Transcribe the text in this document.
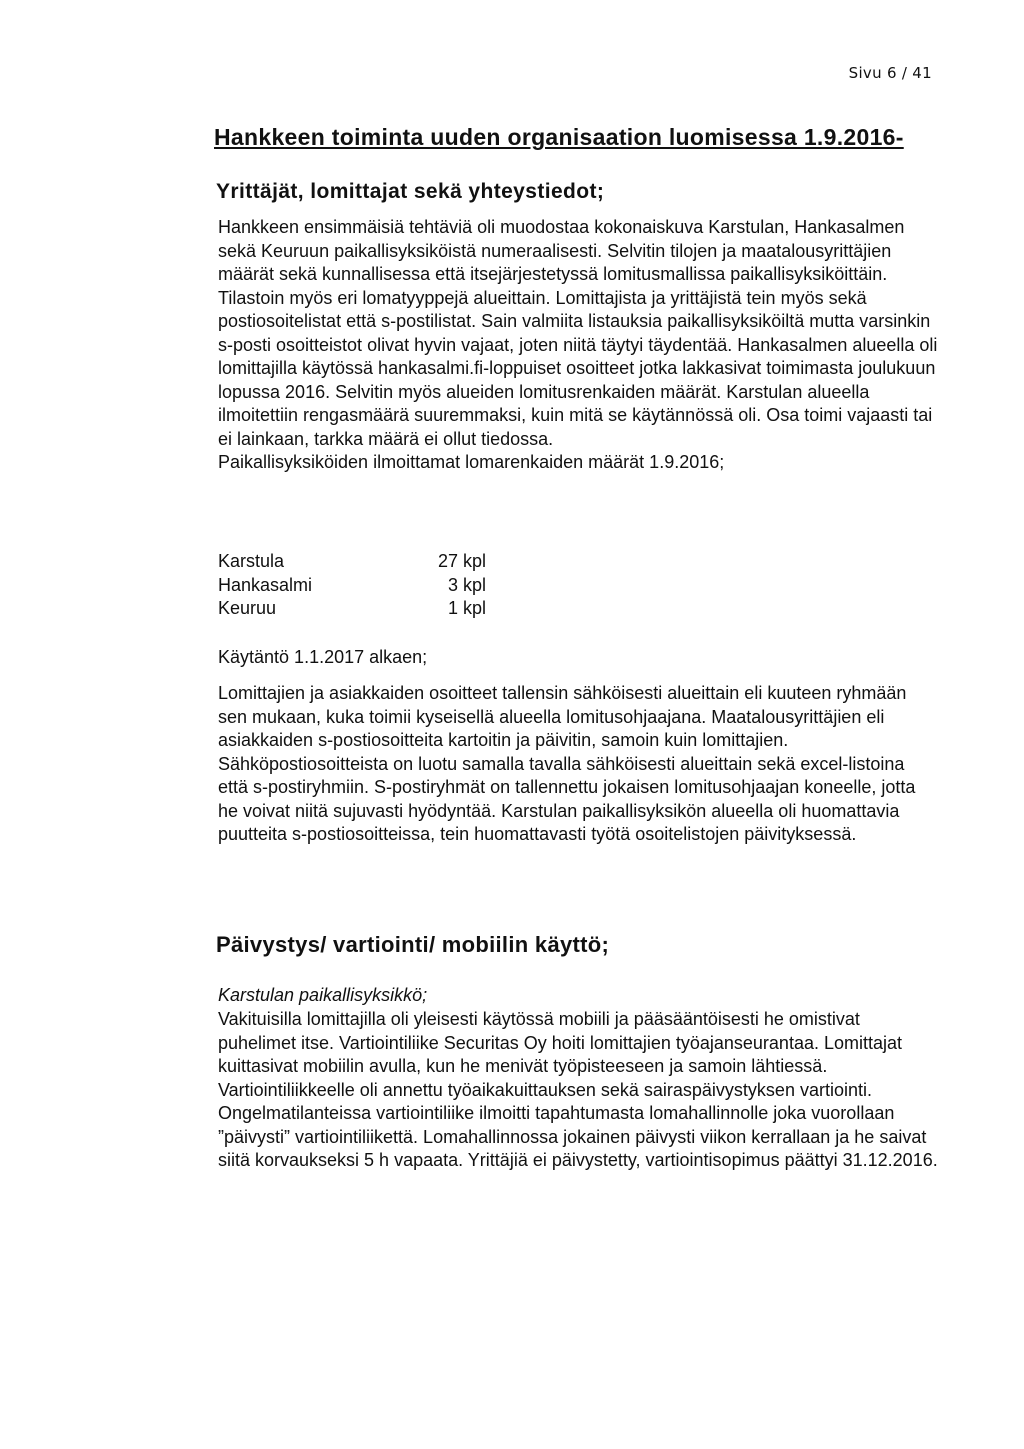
Sivu 6 / 41
Hankkeen toiminta uuden organisaation luomisessa 1.9.2016-
Yrittäjät, lomittajat sekä yhteystiedot;

Hankkeen ensimmäisiä tehtäviä oli muodostaa kokonaiskuva Karstulan, Hankasalmen sekä Keuruun paikallisyksiköistä numeraalisesti. Selvitin tilojen ja maatalousyrittäjien määrät sekä kunnallisessa että itsejärjestetyssä lomitusmallissa paikallisyksiköittäin. Tilastoin myös eri lomatyyppejä alueittain. Lomittajista ja yrittäjistä tein myös sekä postiosoitelistat että s-postilistat. Sain valmiita listauksia paikallisyksiköiltä mutta varsinkin s-posti osoitteistot olivat hyvin vajaat, joten niitä täytyi täydentää. Hankasalmen alueella oli lomittajilla käytössä hankasalmi.fi-loppuiset osoitteet jotka lakkasivat toimimasta joulukuun lopussa 2016. Selvitin myös alueiden lomitusrenkaiden määrät. Karstulan alueella ilmoitettiin rengasmäärä suuremmaksi, kuin mitä se käytännössä oli. Osa toimi vajaasti tai ei lainkaan, tarkka määrä ei ollut tiedossa.

Paikallisyksiköiden ilmoittamat lomarenkaiden määrät 1.9.2016;

Karstula	27 kpl
Hankasalmi	3 kpl
Keuruu	1 kpl
Käytäntö 1.1.2017 alkaen;

Lomittajien ja asiakkaiden osoitteet tallensin sähköisesti alueittain eli kuuteen ryhmään sen mukaan, kuka toimii kyseisellä alueella lomitusohjaajana. Maatalousyrittäjien eli asiakkaiden s-postiosoitteita kartoitin ja päivitin, samoin kuin lomittajien. Sähköpostiosoitteista on luotu samalla tavalla sähköisesti alueittain sekä excel-listoina että s-postiryhmiin. S-postiryhmät on tallennettu jokaisen lomitusohjaajan koneelle, jotta he voivat niitä sujuvasti hyödyntää. Karstulan paikallisyksikön alueella oli huomattavia puutteita s-postiosoitteissa, tein huomattavasti työtä osoitelistojen päivityksessä.

Päivystys/ vartiointi/ mobiilin käyttö;
Karstulan paikallisyksikkö;

Vakituisilla lomittajilla oli yleisesti käytössä mobiili ja pääsääntöisesti he omistivat puhelimet itse. Vartiointiliike Securitas Oy hoiti lomittajien työajanseurantaa. Lomittajat kuittasivat mobiilin avulla, kun he menivät työpisteeseen ja samoin lähtiessä. Vartiointiliikkeelle oli annettu työaikakuittauksen sekä sairaspäivystyksen vartiointi. Ongelmatilanteissa vartiointiliike ilmoitti tapahtumasta lomahallinnolle joka vuorollaan ”päivysti” vartiointiliikettä. Lomahallinnossa jokainen päivysti viikon kerrallaan ja he saivat siitä korvaukseksi 5 h vapaata. Yrittäjiä ei päivystetty, vartiointisopimus päättyi 31.12.2016.
